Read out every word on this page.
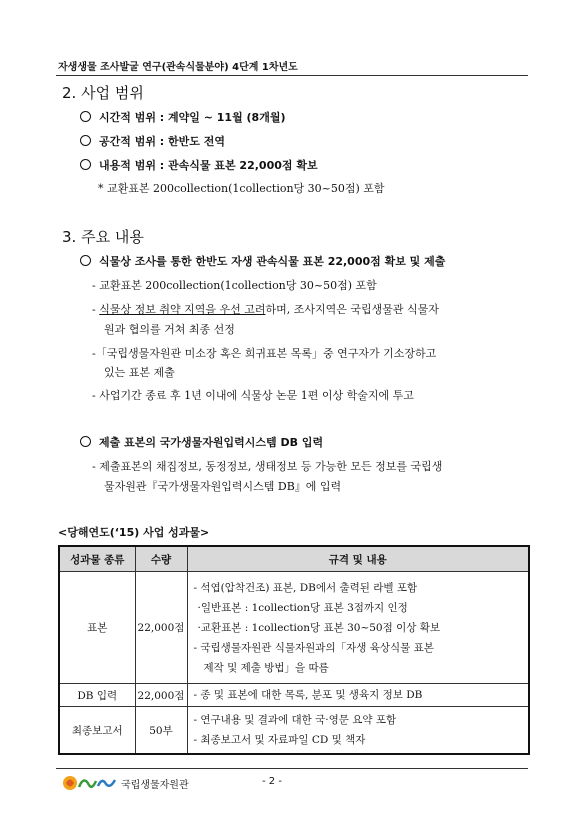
자생생물 조사발굴 연구(관속식물분야) 4단계 1차년도
2. 사업 범위
시간적 범위 : 계약일 ~ 11월 (8개월)
공간적 범위 : 한반도 전역
내용적 범위 : 관속식물 표본 22,000점 확보
* 교환표본 200collection(1collection당 30~50점) 포함
3. 주요 내용
식물상 조사를 통한 한반도 자생 관속식물 표본 22,000점 확보 및 제출
- 교환표본 200collection(1collection당 30~50점) 포함
- 식물상 정보 취약 지역을 우선 고려하며, 조사지역은 국립생물관 식물자
원과 협의를 거쳐 최종 선정
-「국립생물자원관 미소장 혹은 희귀표본 목록」중 연구자가 기소장하고
있는 표본 제출
- 사업기간 종료 후 1년 이내에 식물상 논문 1편 이상 학술지에 투고
제출 표본의 국가생물자원입력시스템 DB 입력
- 제출표본의 채집정보, 동정정보, 생태정보 등 가능한 모든 정보를 국립생
물자원관『국가생물자원입력시스템 DB』에 입력
<당해연도(‘15) 사업 성과물>
성과물 종류	수량	규격 및 내용
표본	22,000점	- 석엽(압착건조) 표본, DB에서 출력된 라벨 포함
·일반표본 : 1collection당 표본 3점까지 인정
·교환표본 : 1collection당 표본 30~50점 이상 확보
- 국립생물자원관 식물자원과의「자생 육상식물 표본
제작 및 제출 방법」을 따름

DB 입력	22,000점	- 종 및 표본에 대한 목록, 분포 및 생육지 정보 DB

최종보고서	50부	- 연구내용 및 결과에 대한 국·영문 요약 포함
- 최종보고서 및 자료파일 CD 및 책자
국립생물자원관	- 2 -
